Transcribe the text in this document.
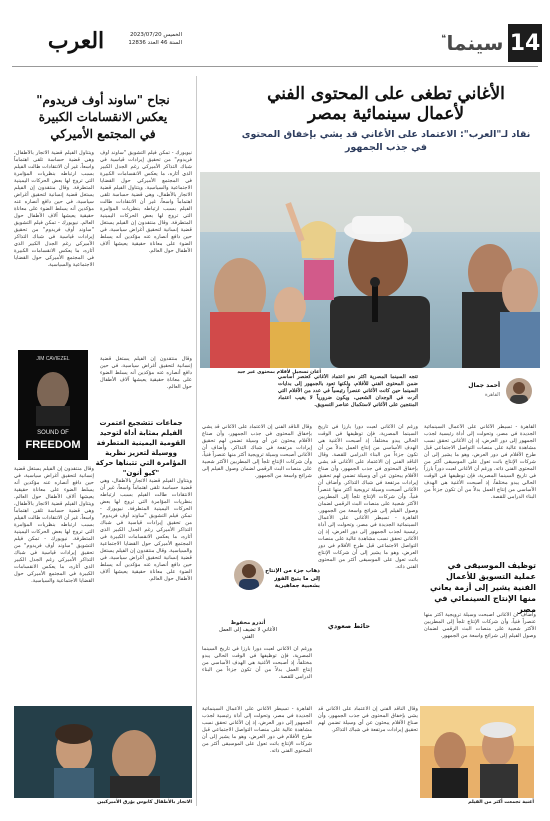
14
سينما
❝
العرب	الخميس 2023/07/20
السنة 46 العدد 12836
الأغاني تطغى على المحتوى الفني
لأعمال سينمائية بمصر
نقاد لـ"العرب": الاعتماد على الأغاني قد يشي بإخفاق المحتوى
في جذب الجمهور
نجاح "ساوند أوف فريدوم"
يعكس الانقسامات الكبيرة
في المجتمع الأميركي
أغان تسجيل لأفلام بمحتوى غير جيد
أحمد جمال
القاهرة
تتجه السينما المصرية أكثر نحو اعتماد الأغاني كعنصر أساسي ضمن المحتوى الفني للأفلام، ولكنها تعود بالجمهور إلى بدايات السينما حين كانت الأغاني عنصراً رئيسياً في عدد من الأفلام التي أثرت في الوجدان الشعبي، ويكون ضرورياً لا يغيب اعتماد المنتجين على الأغاني لاستكمال عناصر التسويق.
القاهرة - تسيطر الأغاني على الأعمال السينمائية الجديدة في مصر، وتحولت إلى أداة رئيسية لجذب الجمهور إلى دور العرض، إذ إن الأغاني تحقق نسب مشاهدة عالية على منصات التواصل الاجتماعي قبل طرح الأفلام في دور العرض، وهو ما يشير إلى أن شركات الإنتاج باتت تعول على الموسيقى أكثر من المحتوى الفني ذاته. ورغم أن الأغاني لعبت دوراً بارزاً في تاريخ السينما المصرية، فإن توظيفها في الوقت الحالي يبدو مختلفاً، إذ أصبحت الأغنية هي الهدف الأساسي من إنتاج العمل بدلاً من أن تكون جزءاً من البناء الدرامي للقصة.
ورغم أن الأغاني لعبت دوراً بارزاً في تاريخ السينما المصرية، فإن توظيفها في الوقت الحالي يبدو مختلفاً، إذ أصبحت الأغنية هي الهدف الأساسي من إنتاج العمل بدلاً من أن تكون جزءاً من البناء الدرامي للقصة. وقال الناقد الفني إن الاعتماد على الأغاني قد يشي بإخفاق المحتوى في جذب الجمهور، وأن صناع الأفلام يبحثون عن أي وسيلة تضمن لهم تحقيق إيرادات مرتفعة في شباك التذاكر. وأضاف أن الأغاني أصبحت وسيلة ترويجية أكثر منها عنصراً فنياً، وأن شركات الإنتاج تلجأ إلى المطربين الأكثر شعبية على منصات البث الرقمي لضمان وصول الفيلم إلى شرائح واسعة من الجمهور. القاهرة - تسيطر الأغاني على الأعمال السينمائية الجديدة في مصر، وتحولت إلى أداة رئيسية لجذب الجمهور إلى دور العرض، إذ إن الأغاني تحقق نسب مشاهدة عالية على منصات التواصل الاجتماعي قبل طرح الأفلام في دور العرض، وهو ما يشير إلى أن شركات الإنتاج باتت تعول على الموسيقى أكثر من المحتوى الفني ذاته.
وقال الناقد الفني إن الاعتماد على الأغاني قد يشي بإخفاق المحتوى في جذب الجمهور، وأن صناع الأفلام يبحثون عن أي وسيلة تضمن لهم تحقيق إيرادات مرتفعة في شباك التذاكر. وأضاف أن الأغاني أصبحت وسيلة ترويجية أكثر منها عنصراً فنياً، وأن شركات الإنتاج تلجأ إلى المطربين الأكثر شعبية على منصات البث الرقمي لضمان وصول الفيلم إلى شرائح واسعة من الجمهور.
توظيف الموسيقى في عملية التسويق للأعمال الفنية يشير إلى أزمة يعاني منها الإنتاج السينمائي في مصر
وأضاف أن الأغاني أصبحت وسيلة ترويجية أكثر منها عنصراً فنياً، وأن شركات الإنتاج تلجأ إلى المطربين الأكثر شعبية على منصات البث الرقمي لضمان وصول الفيلم إلى شرائح واسعة من الجمهور.
حائط صعودي
ذهاب جزء من الإنتاج إلى ما يتيح الفوز بشعبية جماهيرية
أندرو محفوظ
الأغاني لا تضيف إلى العمل الفني
ورغم أن الأغاني لعبت دوراً بارزاً في تاريخ السينما المصرية، فإن توظيفها في الوقت الحالي يبدو مختلفاً، إذ أصبحت الأغنية هي الهدف الأساسي من إنتاج العمل بدلاً من أن تكون جزءاً من البناء الدرامي للقصة.
أغنية تجمعت أكثر من الفيلم
وقال الناقد الفني إن الاعتماد على الأغاني قد يشي بإخفاق المحتوى في جذب الجمهور، وأن صناع الأفلام يبحثون عن أي وسيلة تضمن لهم تحقيق إيرادات مرتفعة في شباك التذاكر.
القاهرة - تسيطر الأغاني على الأعمال السينمائية الجديدة في مصر، وتحولت إلى أداة رئيسية لجذب الجمهور إلى دور العرض، إذ إن الأغاني تحقق نسب مشاهدة عالية على منصات التواصل الاجتماعي قبل طرح الأفلام في دور العرض، وهو ما يشير إلى أن شركات الإنتاج باتت تعول على الموسيقى أكثر من المحتوى الفني ذاته.
نيويورك - تمكن فيلم التشويق "ساوند أوف فريدوم" من تحقيق إيرادات قياسية في شباك التذاكر الأميركي رغم الجدل الكبير الذي أثاره، ما يعكس الانقسامات الكبيرة في المجتمع الأميركي حول القضايا الاجتماعية والسياسية. ويتناول الفيلم قضية الاتجار بالأطفال، وهي قضية حساسة تلقى اهتماماً واسعاً، غير أن الانتقادات طالت الفيلم بسبب ارتباطه بنظريات المؤامرة التي تروج لها بعض الحركات اليمينية المتطرفة. وقال منتقدون إن الفيلم يستغل قضية إنسانية لتحقيق أغراض سياسية، في حين دافع أنصاره عنه مؤكدين أنه يسلط الضوء على معاناة حقيقية يعيشها آلاف الأطفال حول العالم.
ويتناول الفيلم قضية الاتجار بالأطفال، وهي قضية حساسة تلقى اهتماماً واسعاً، غير أن الانتقادات طالت الفيلم بسبب ارتباطه بنظريات المؤامرة التي تروج لها بعض الحركات اليمينية المتطرفة. وقال منتقدون إن الفيلم يستغل قضية إنسانية لتحقيق أغراض سياسية، في حين دافع أنصاره عنه مؤكدين أنه يسلط الضوء على معاناة حقيقية يعيشها آلاف الأطفال حول العالم. نيويورك - تمكن فيلم التشويق "ساوند أوف فريدوم" من تحقيق إيرادات قياسية في شباك التذاكر الأميركي رغم الجدل الكبير الذي أثاره، ما يعكس الانقسامات الكبيرة في المجتمع الأميركي حول القضايا الاجتماعية والسياسية.
JIM CAVIEZEL
SOUND OF
FREEDOM
وقال منتقدون إن الفيلم يستغل قضية إنسانية لتحقيق أغراض سياسية، في حين دافع أنصاره عنه مؤكدين أنه يسلط الضوء على معاناة حقيقية يعيشها آلاف الأطفال حول العالم.
جماعات تتشجيع اعتمرت الفيلم بمثابة أداة لتوحيد القومية اليمينية المتطرفة ووسيلة لتعزيز نظرية المؤامرة التي تتبناها حركة "كيو أنون"
ويتناول الفيلم قضية الاتجار بالأطفال، وهي قضية حساسة تلقى اهتماماً واسعاً، غير أن الانتقادات طالت الفيلم بسبب ارتباطه بنظريات المؤامرة التي تروج لها بعض الحركات اليمينية المتطرفة. نيويورك - تمكن فيلم التشويق "ساوند أوف فريدوم" من تحقيق إيرادات قياسية في شباك التذاكر الأميركي رغم الجدل الكبير الذي أثاره، ما يعكس الانقسامات الكبيرة في المجتمع الأميركي حول القضايا الاجتماعية والسياسية. وقال منتقدون إن الفيلم يستغل قضية إنسانية لتحقيق أغراض سياسية، في حين دافع أنصاره عنه مؤكدين أنه يسلط الضوء على معاناة حقيقية يعيشها آلاف الأطفال حول العالم.
وقال منتقدون إن الفيلم يستغل قضية إنسانية لتحقيق أغراض سياسية، في حين دافع أنصاره عنه مؤكدين أنه يسلط الضوء على معاناة حقيقية يعيشها آلاف الأطفال حول العالم. ويتناول الفيلم قضية الاتجار بالأطفال، وهي قضية حساسة تلقى اهتماماً واسعاً، غير أن الانتقادات طالت الفيلم بسبب ارتباطه بنظريات المؤامرة التي تروج لها بعض الحركات اليمينية المتطرفة. نيويورك - تمكن فيلم التشويق "ساوند أوف فريدوم" من تحقيق إيرادات قياسية في شباك التذاكر الأميركي رغم الجدل الكبير الذي أثاره، ما يعكس الانقسامات الكبيرة في المجتمع الأميركي حول القضايا الاجتماعية والسياسية.
الاتجار بالأطفال كابوس يؤرق الأميركيين
